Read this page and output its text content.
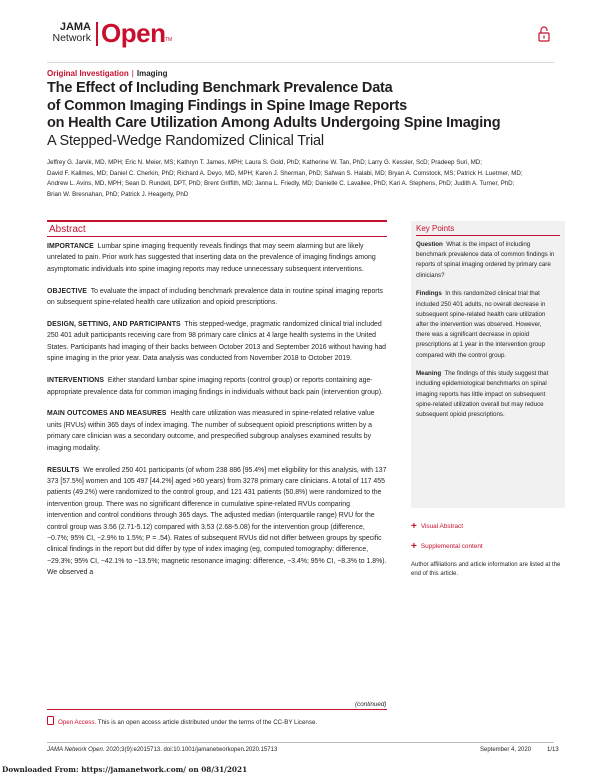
JAMA
Network Open TM
Original Investigation | Imaging
The Effect of Including Benchmark Prevalence Data
of Common Imaging Findings in Spine Image Reports
on Health Care Utilization Among Adults Undergoing Spine Imaging
A Stepped-Wedge Randomized Clinical Trial
Jeffrey G. Jarvik, MD, MPH; Eric N. Meier, MS; Kathryn T. James, MPH; Laura S. Gold, PhD; Katherine W. Tan, PhD; Larry G. Kessler, ScD; Pradeep Suri, MD;
David F. Kallmes, MD; Daniel C. Cherkin, PhD; Richard A. Deyo, MD, MPH; Karen J. Sherman, PhD; Safwan S. Halabi, MD; Bryan A. Comstock, MS; Patrick H. Luetmer, MD;
Andrew L. Avins, MD, MPH; Sean D. Rundell, DPT, PhD; Brent Griffith, MD; Janna L. Friedly, MD; Danielle C. Lavallee, PhD; Kari A. Stephens, PhD; Judith A. Turner, PhD;
Brian W. Bresnahan, PhD; Patrick J. Heagerty, PhD
Abstract

IMPORTANCE Lumbar spine imaging frequently reveals findings that may seem alarming but are likely unrelated to pain. Prior work has suggested that inserting data on the prevalence of imaging findings among asymptomatic individuals into spine imaging reports may reduce unnecessary subsequent interventions.

OBJECTIVE To evaluate the impact of including benchmark prevalence data in routine spinal imaging reports on subsequent spine-related health care utilization and opioid prescriptions.

DESIGN, SETTING, AND PARTICIPANTS This stepped-wedge, pragmatic randomized clinical trial included 250 401 adult participants receiving care from 98 primary care clinics at 4 large health systems in the United States. Participants had imaging of their backs between October 2013 and September 2016 without having had spine imaging in the prior year. Data analysis was conducted from November 2018 to October 2019.

INTERVENTIONS Either standard lumbar spine imaging reports (control group) or reports containing age-appropriate prevalence data for common imaging findings in individuals without back pain (intervention group).

MAIN OUTCOMES AND MEASURES Health care utilization was measured in spine-related relative value units (RVUs) within 365 days of index imaging. The number of subsequent opioid prescriptions written by a primary care clinician was a secondary outcome, and prespecified subgroup analyses examined results by imaging modality.

RESULTS We enrolled 250 401 participants (of whom 238 886 [95.4%] met eligibility for this analysis, with 137 373 [57.5%] women and 105 497 [44.2%] aged >60 years) from 3278 primary care clinicians. A total of 117 455 patients (49.2%) were randomized to the control group, and 121 431 patients (50.8%) were randomized to the intervention group. There was no significant difference in cumulative spine-related RVUs comparing intervention and control conditions through 365 days. The adjusted median (interquartile range) RVU for the control group was 3.56 (2.71-5.12) compared with 3.53 (2.68-5.08) for the intervention group (difference, −0.7%; 95% CI, −2.9% to 1.5%; P = .54). Rates of subsequent RVUs did not differ between groups by specific clinical findings in the report but did differ by type of index imaging (eg, computed tomography: difference, −29.3%; 95% CI, −42.1% to −13.5%; magnetic resonance imaging: difference, −3.4%; 95% CI, −8.3% to 1.8%). We observed a

(continued)
Open Access. This is an open access article distributed under the terms of the CC-BY License.
Key Points

Question What is the impact of including benchmark prevalence data of common findings in reports of spinal imaging ordered by primary care clinicians?

Findings In this randomized clinical trial that included 250 401 adults, no overall decrease in subsequent spine-related health care utilization after the intervention was observed. However, there was a significant decrease in opioid prescriptions at 1 year in the intervention group compared with the control group.

Meaning The findings of this study suggest that including epidemiological benchmarks on spinal imaging reports has little impact on subsequent spine-related utilization overall but may reduce subsequent opioid prescriptions.

+ Visual Abstract
+ Supplemental content
Author affiliations and article information are listed at the end of this article.
JAMA Network Open. 2020;3(9):e2015713. doi:10.1001/jamanetworkopen.2020.15713	September 4, 2020	1/13
Downloaded From: https://jamanetwork.com/ on 08/31/2021
